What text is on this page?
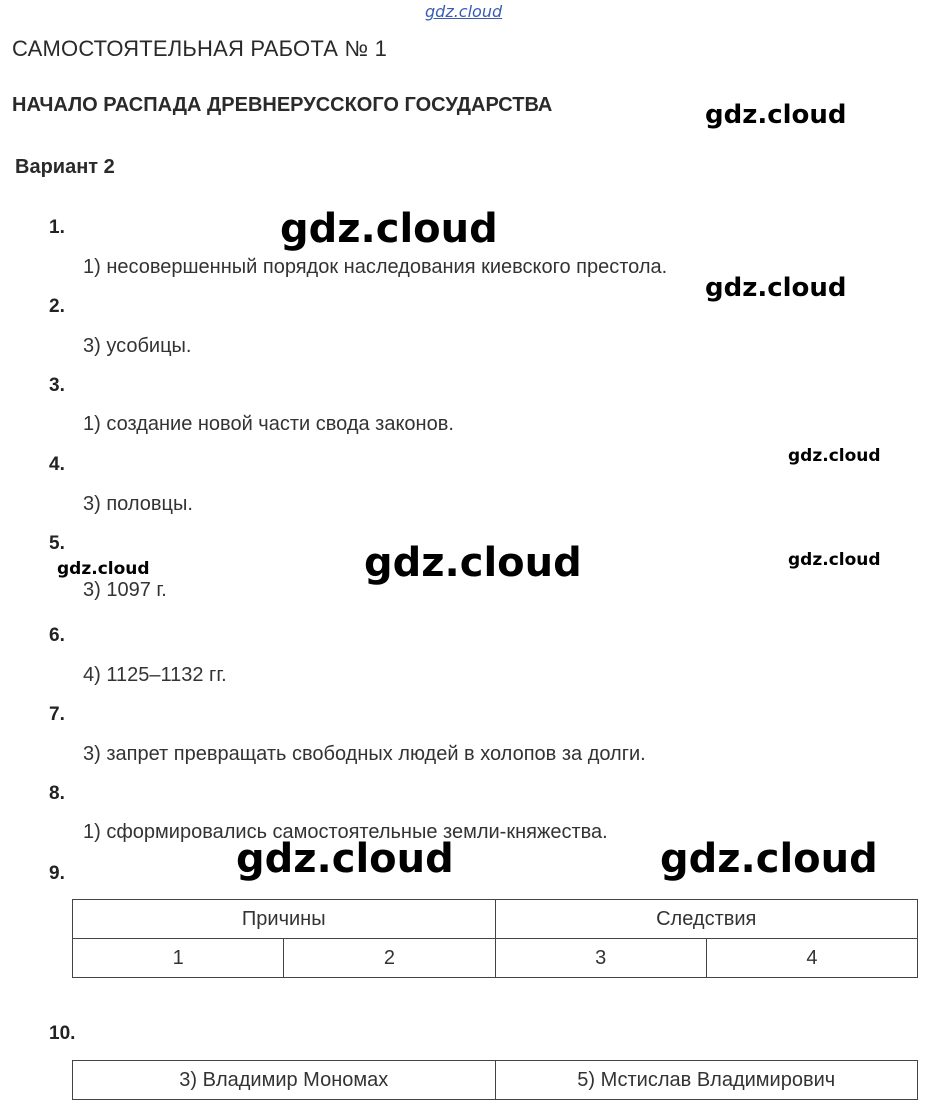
gdz.cloud
gdz.cloud
gdz.cloud
gdz.cloud
gdz.cloud
gdz.cloud
gdz.cloud	gdz.cloud
gdz.cloud	gdz.cloud
САМОСТОЯТЕЛЬНАЯ РАБОТА № 1
НАЧАЛО РАСПАДА ДРЕВНЕРУССКОГО ГОСУДАРСТВА
Вариант 2
1.
1) несовершенный порядок наследования киевского престола.
2.
3) усобицы.
3.
1) создание новой части свода законов.
4.
3) половцы.
5.
3) 1097 г.
6.
4) 1125–1132 гг.
7.
3) запрет превращать свободных людей в холопов за долги.
8.
1) сформировались самостоятельные земли-княжества.
9.
Причины		Следствия	
1	2	3	4
10.
3) Владимир Мономах	5) Мстислав Владимирович
